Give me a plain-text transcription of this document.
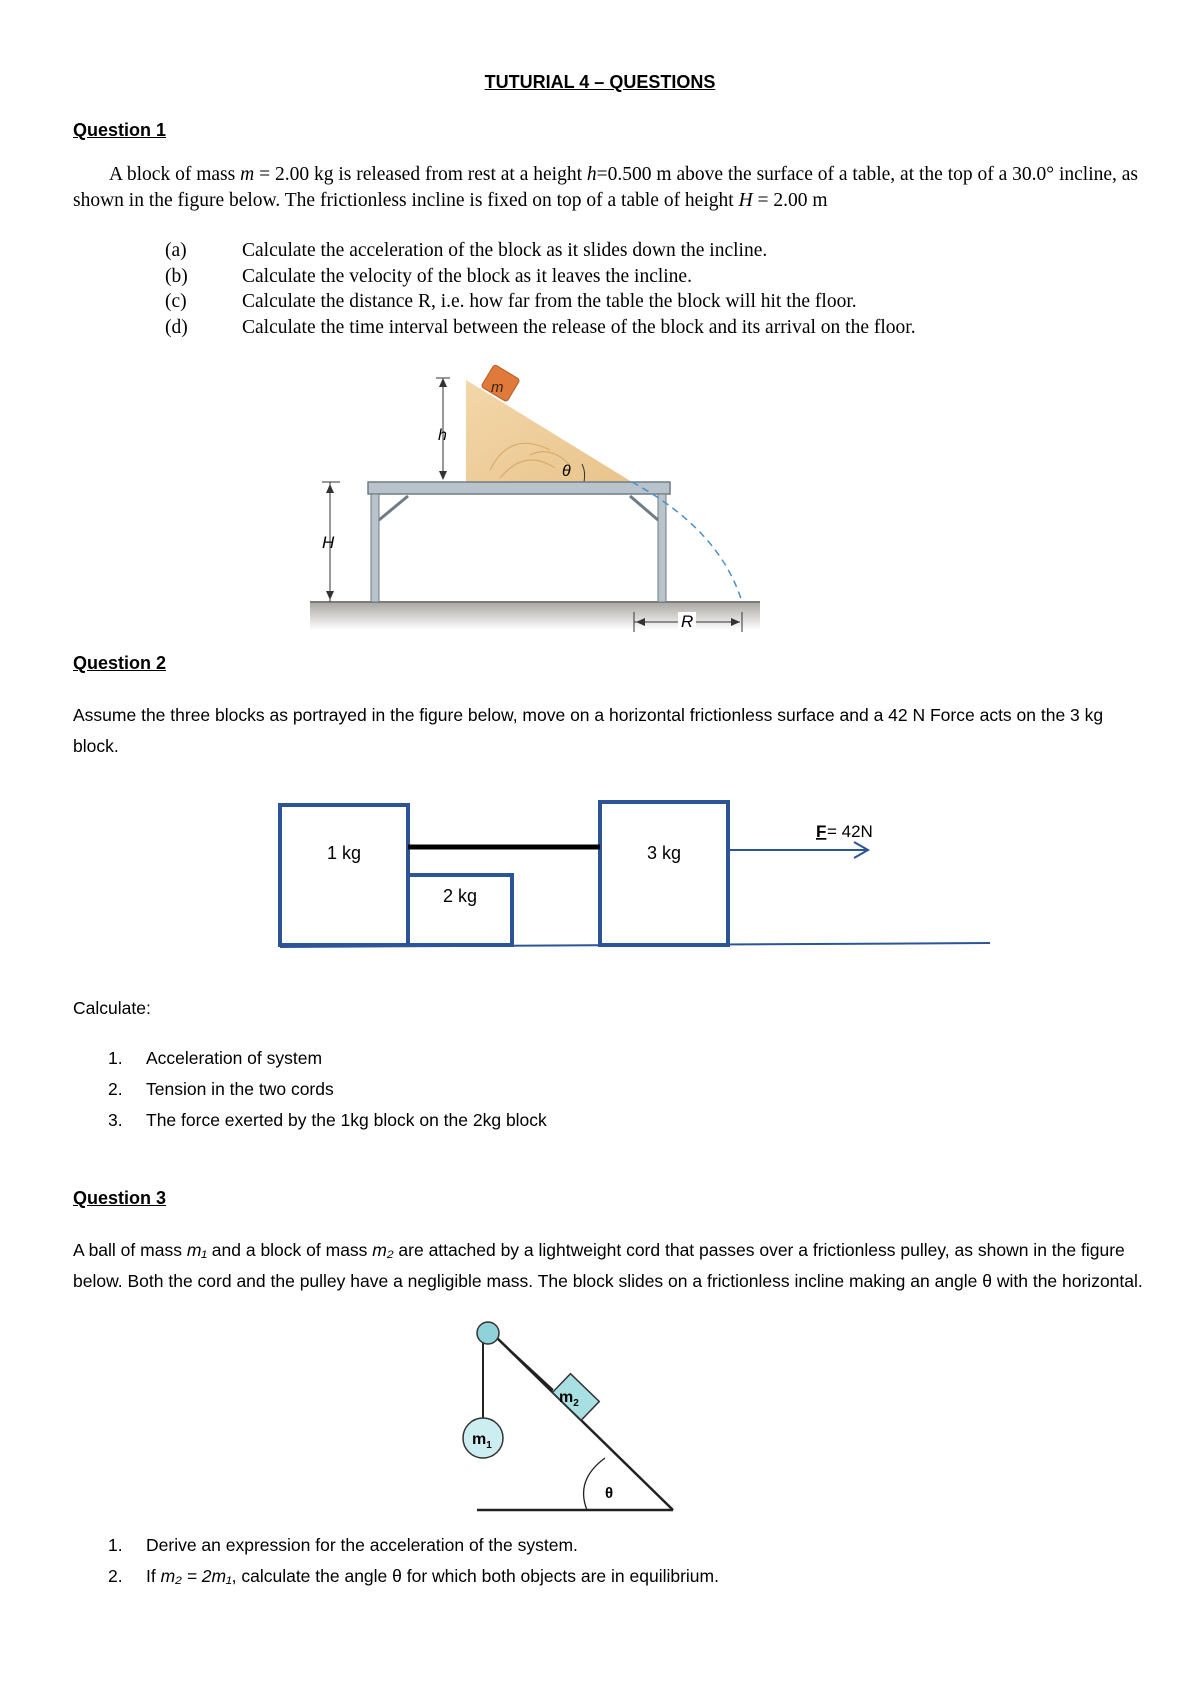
TUTURIAL 4 – QUESTIONS
Question 1

A block of mass m = 2.00 kg is released from rest at a height h=0.500 m above the surface of a table, at the top of a 30.0° incline, as shown in the figure below. The frictionless incline is fixed on top of a table of height H = 2.00 m

(a)	Calculate the acceleration of the block as it slides down the incline.
(b)	Calculate the velocity of the block as it leaves the incline.
(c)	Calculate the distance R, i.e. how far from the table the block will hit the floor.
(d)	Calculate the time interval between the release of the block and its arrival on the floor.
m
h
θ
H
R
Question 2
Assume the three blocks as portrayed in the figure below, move on a horizontal frictionless surface and a 42 N Force acts on the 3 kg block.
1 kg
2 kg
3 kg
F = 42N
Calculate:
1.	Acceleration of system
2.	Tension in the two cords
3.	The force exerted by the 1kg block on the 2kg block
Question 3
A ball of mass m₁ and a block of mass m₂ are attached by a lightweight cord that passes over a frictionless pulley, as shown in the figure below. Both the cord and the pulley have a negligible mass. The block slides on a frictionless incline making an angle θ with the horizontal.
$m_1$
$m_2$
θ
1.	Derive an expression for the acceleration of the system.
2.	If m₂ = 2m₁, calculate the angle θ for which both objects are in equilibrium.
